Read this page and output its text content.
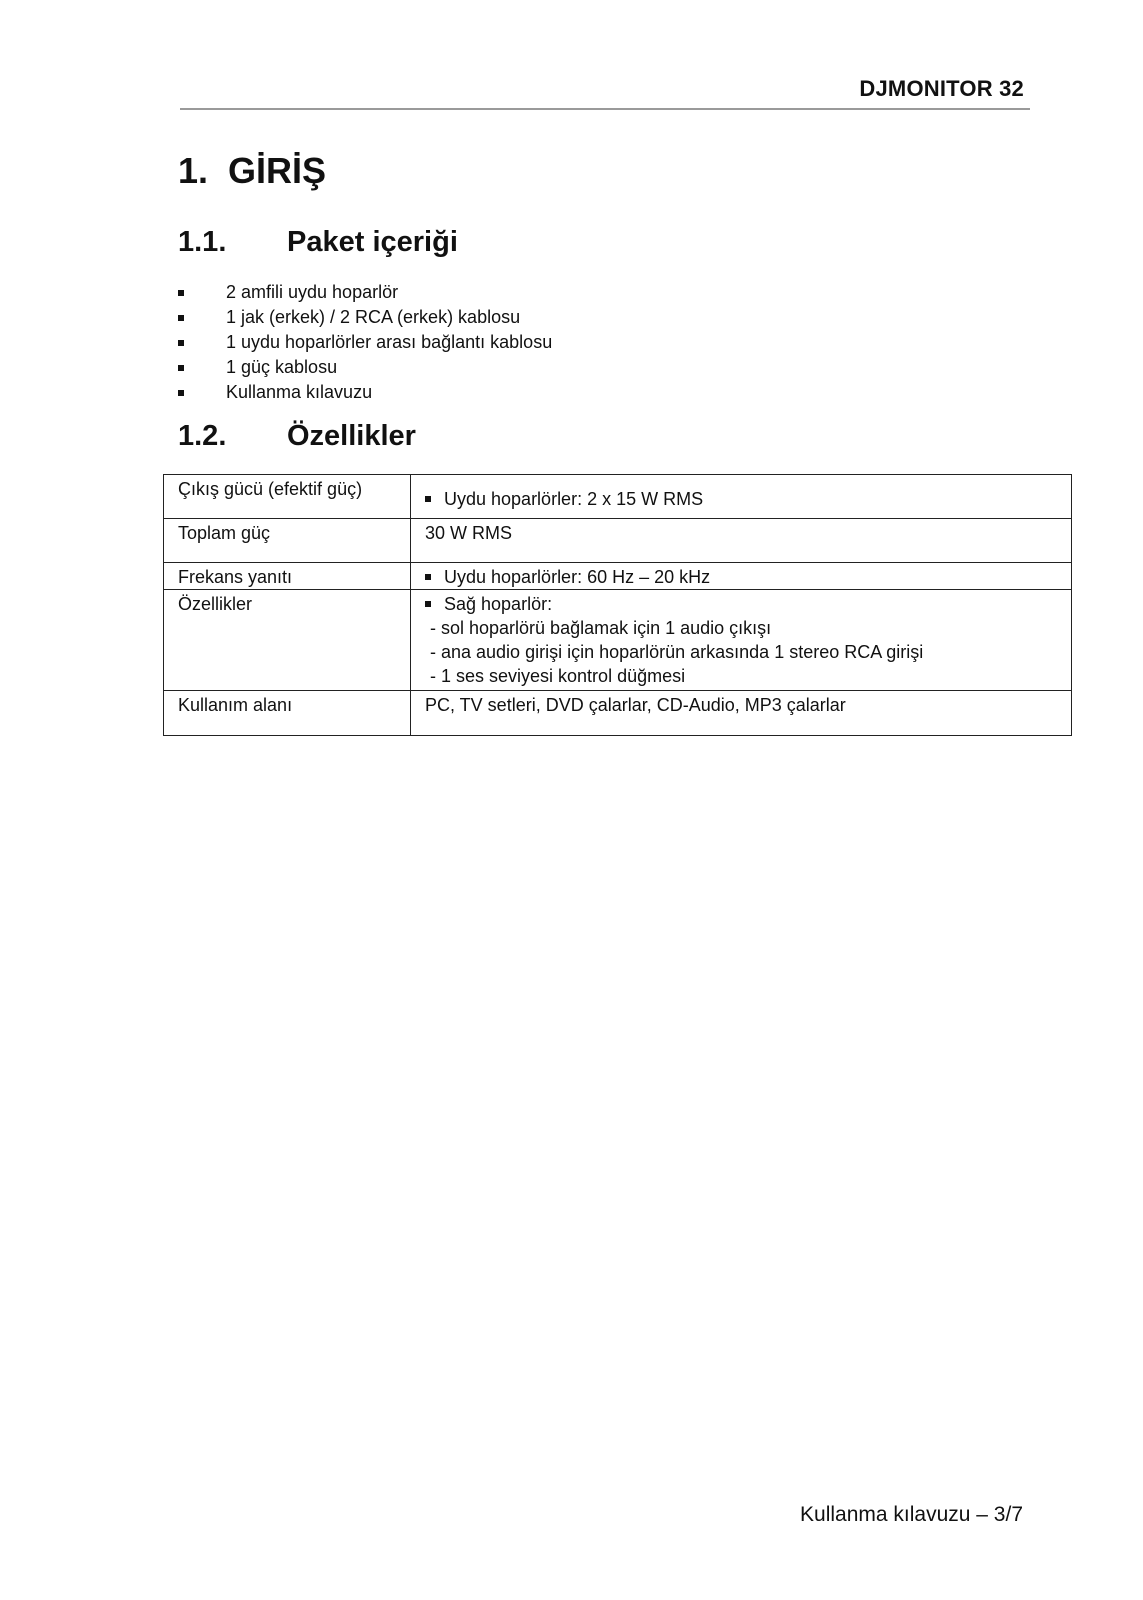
DJMONITOR 32
1. GİRİŞ
1.1. Paket içeriği
2 amfili uydu hoparlör
1 jak (erkek) / 2 RCA (erkek) kablosu
1 uydu hoparlörler arası bağlantı kablosu
1 güç kablosu
Kullanma kılavuzu
1.2. Özellikler
Çıkış gücü (efektif güç)	Uydu hoparlörler: 2 x 15 W RMS

Toplam güç	30 W RMS
Frekans yanıtı	Uydu hoparlörler: 60 Hz – 20 kHz

Özellikler	Sağ hoparlör:
- sol hoparlörü bağlamak için 1 audio çıkışı
- ana audio girişi için hoparlörün arkasında 1 stereo RCA girişi
- 1 ses seviyesi kontrol düğmesi

Kullanım alanı	PC, TV setleri, DVD çalarlar, CD-Audio, MP3 çalarlar
Kullanma kılavuzu – 3/7
